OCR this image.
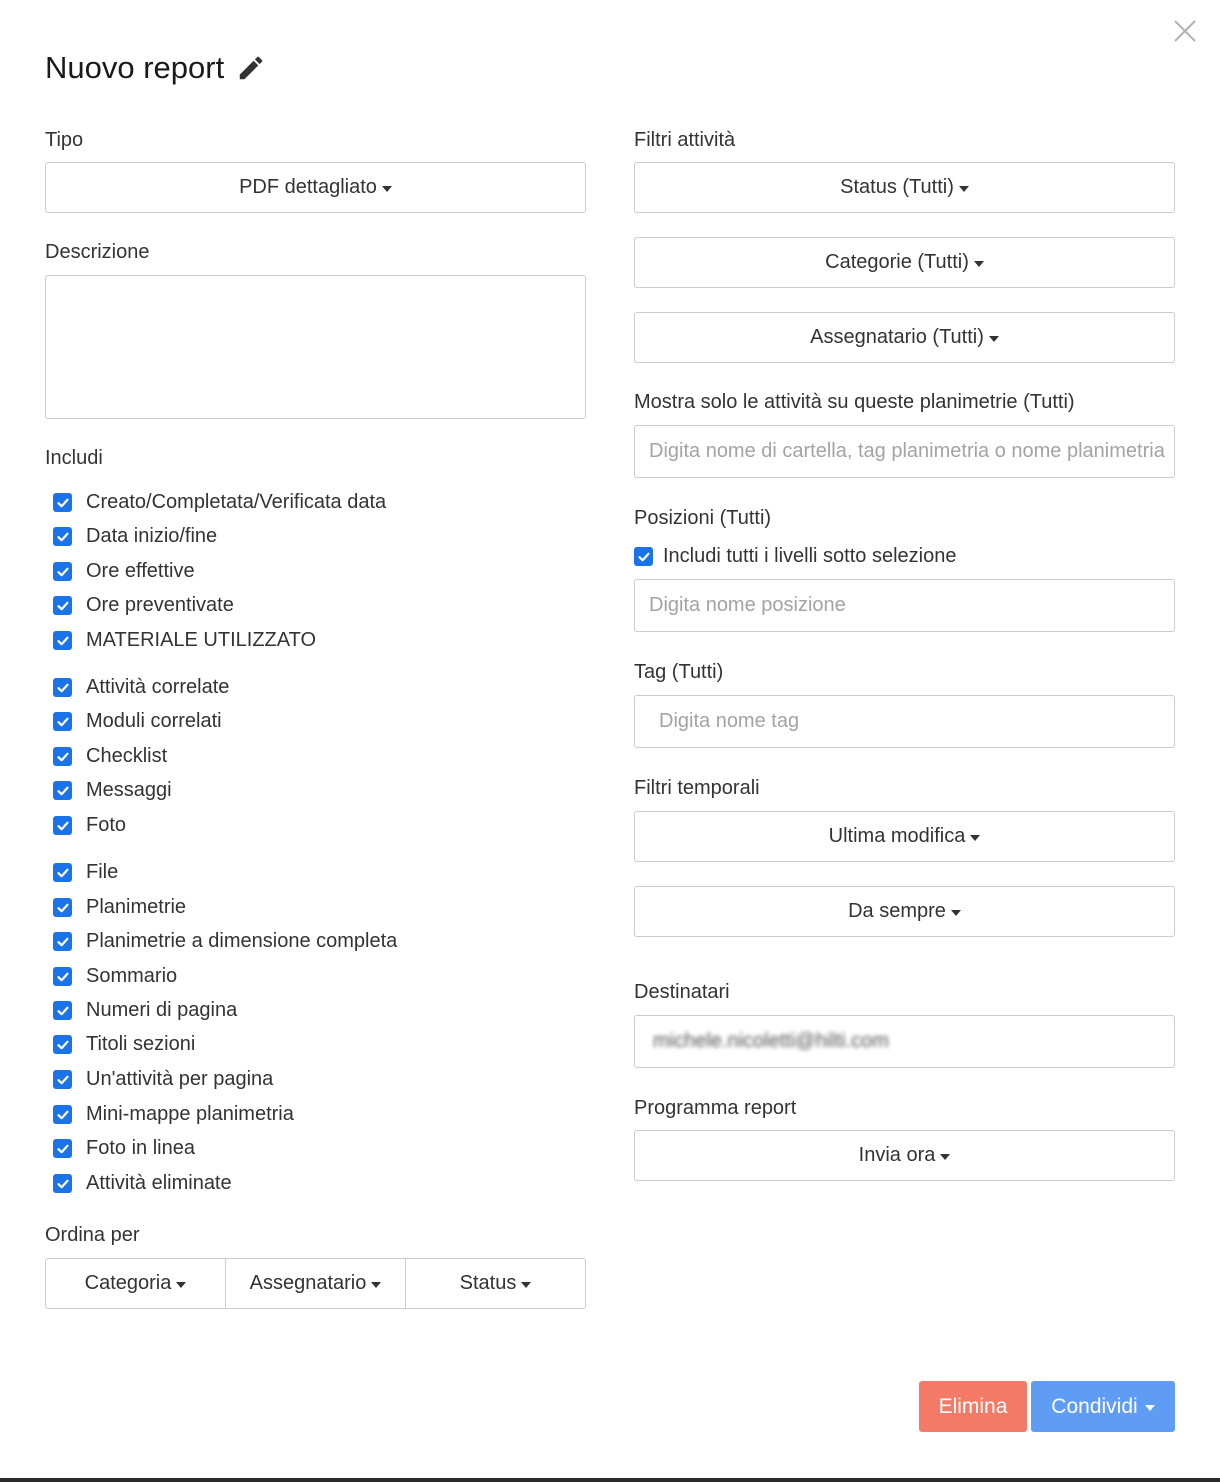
Nuovo report
Tipo
PDF dettagliato
Descrizione
Includi
Creato/Completata/Verificata data
Data inizio/fine
Ore effettive
Ore preventivate
MATERIALE UTILIZZATO
Attività correlate
Moduli correlati
Checklist
Messaggi
Foto
File
Planimetrie
Planimetrie a dimensione completa
Sommario
Numeri di pagina
Titoli sezioni
Un'attività per pagina
Mini-mappe planimetria
Foto in linea
Attività eliminate
Ordina per
Categoria	Assegnatario	Status
Filtri attività
Status (Tutti)
Categorie (Tutti)
Assegnatario (Tutti)
Mostra solo le attività su queste planimetrie (Tutti)
Digita nome di cartella, tag planimetria o nome planimetria
Posizioni (Tutti)
Includi tutti i livelli sotto selezione
Digita nome posizione
Tag (Tutti)
Digita nome tag
Filtri temporali
Ultima modifica
Da sempre
Destinatari
michele.nicoletti@hilti.com
Programma report
Invia ora
Elimina Condividi
